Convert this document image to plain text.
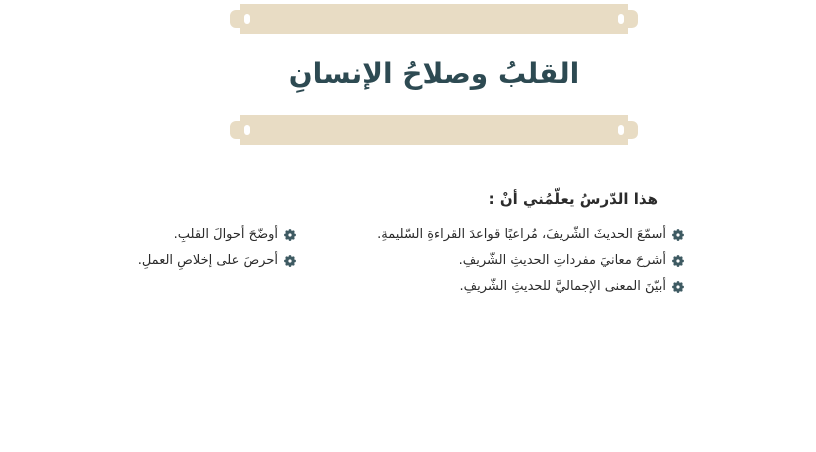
القلبُ وصلاحُ الإنسانِ
هذا الدّرسُ يعلّمُني أنْ :
أسمّعَ الحديثَ الشّريفَ، مُراعيًا قواعدَ القراءةِ السّليمةِ.
أشرحَ معانيَ مفرداتِ الحديثِ الشّريفِ.
أبيّنَ المعنى الإجماليَّ للحديثِ الشّريفِ.
أوضّحَ أحوالَ القلبِ.
أحرصَ على إخلاصِ العملِ.
